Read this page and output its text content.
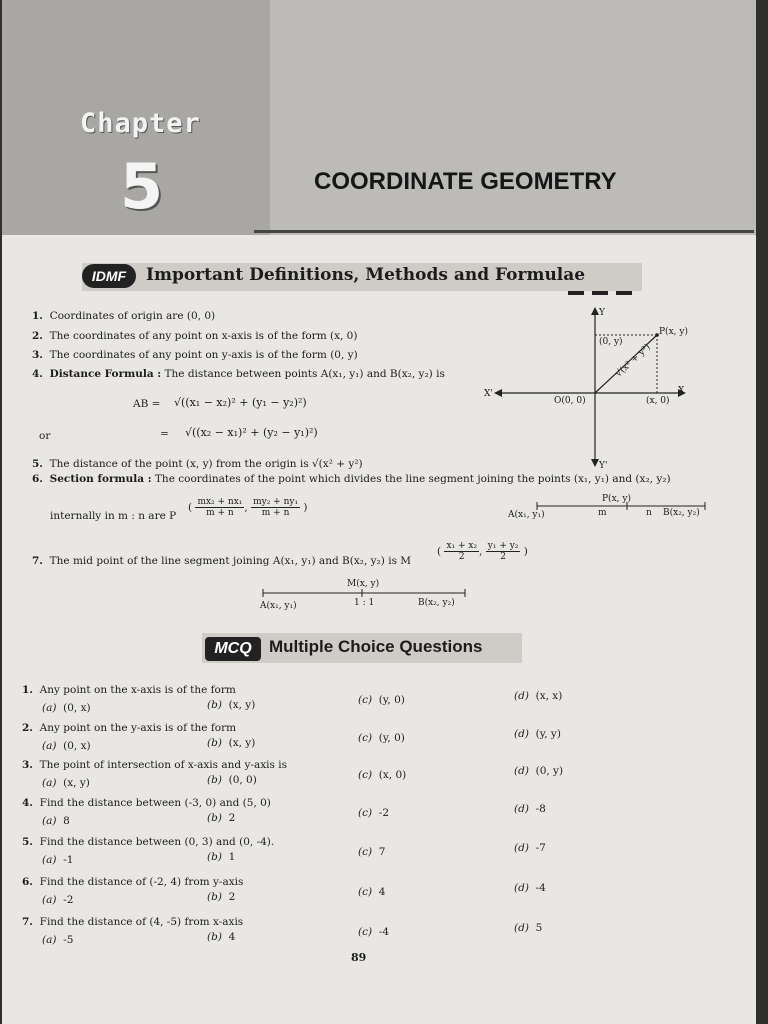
Chapter
5	COORDINATE GEOMETRY
IDMF	Important Definitions, Methods and Formulae
1. Coordinates of origin are (0, 0)
2. The coordinates of any point on x-axis is of the form (x, 0)
3. The coordinates of any point on y-axis is of the form (0, y)
4. Distance Formula : The distance between points A(x₁, y₁) and B(x₂, y₂) is
AB = √((x₁ − x₂)² + (y₁ − y₂)²)
or	= √((x₂ − x₁)² + (y₂ − y₁)²)
5. The distance of the point (x, y) from the origin is √(x² + y²)
6. Section formula : The coordinates of the point which divides the line segment joining the points (x₁, y₁) and (x₂, y₂)
internally in m : n are P
( $\frac{\text{mx₂ + nx₁}}{m + n}$ , $\frac{\text{my₂ + ny₁}}{m + n}$ )
P(x, y)
A(x₁, y₁)	m	n B(x₂, y₂)
7. The mid point of the line segment joining A(x₁, y₁) and B(x₂, y₂) is M
( $\frac{\text{x₁ + x₂}}{2}$ , $\frac{\text{y₁ + y₂}}{2}$ )
M(x, y)
A(x₁, y₁)	1 : 1	B(x₂, y₂)
Y
Y'
X
X'
P(x, y)
(0, y)
O(0, 0)	(x, 0)
√(x² + y²)
MCQ	Multiple Choice Questions
1. Any point on the x-axis is of the form
(a) (0, x)	(b) (x, y)	(c) (y, 0)	(d) (x, x)
2. Any point on the y-axis is of the form
(a) (0, x)	(b) (x, y)	(c) (y, 0)	(d) (y, y)
3. The point of intersection of x-axis and y-axis is
(a) (x, y)	(b) (0, 0)	(c) (x, 0)	(d) (0, y)
4. Find the distance between (-3, 0) and (5, 0)
(a) 8	(b) 2	(c) -2	(d) -8
5. Find the distance between (0, 3) and (0, -4).
(a) -1	(b) 1	(c) 7	(d) -7
6. Find the distance of (-2, 4) from y-axis
(a) -2	(b) 2	(c) 4	(d) -4
7. Find the distance of (4, -5) from x-axis
(a) -5	(b) 4	(c) -4	(d) 5
89
